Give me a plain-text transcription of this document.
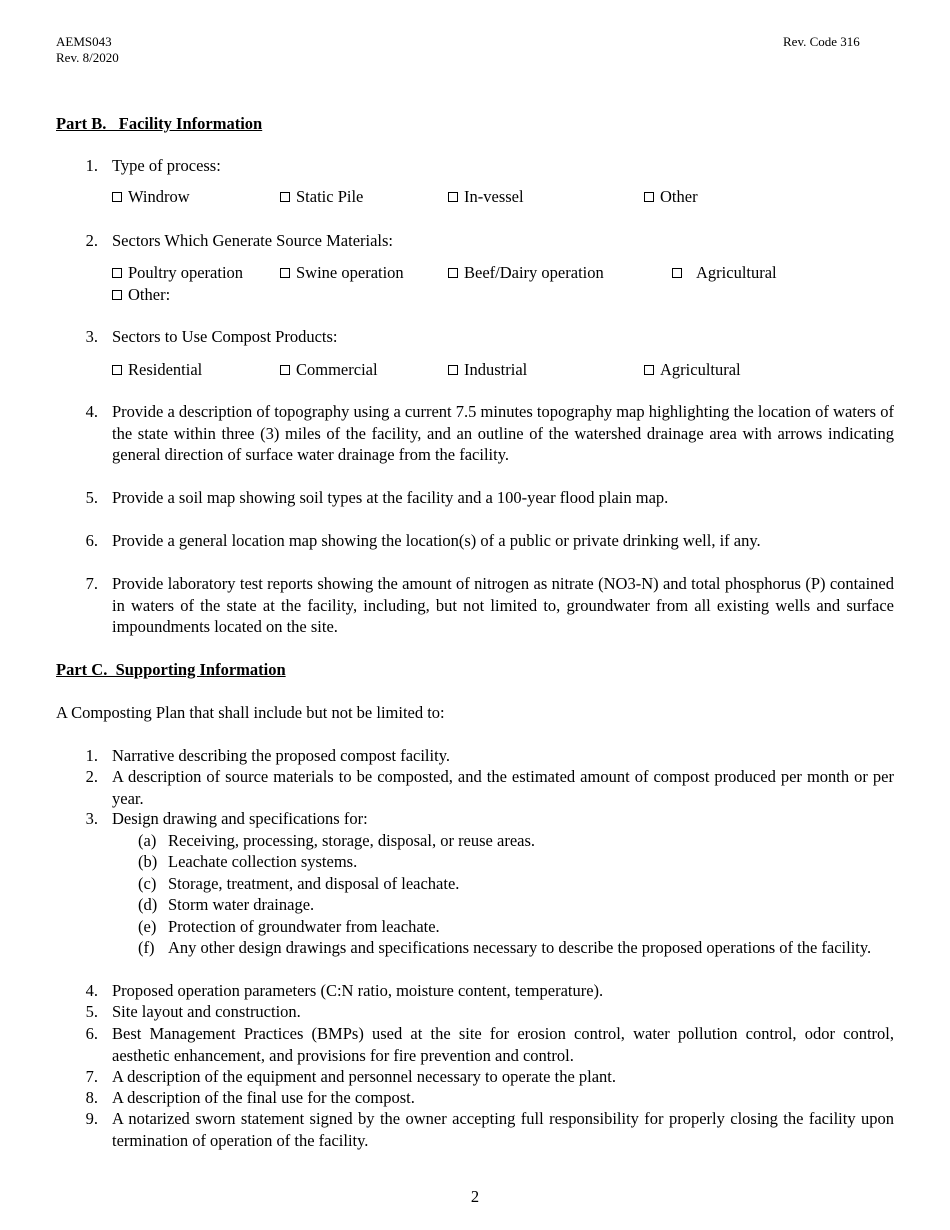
AEMS043
Rev. 8/2020
Rev. Code 316
Part B.   Facility Information
1. Type of process:
Windrow	Static Pile	In-vessel	Other
2. Sectors Which Generate Source Materials:
Poultry operation	Swine operation	Beef/Dairy operation	Agricultural
Other:
3. Sectors to Use Compost Products:
Residential	Commercial	Industrial	Agricultural
4. Provide a description of topography using a current 7.5 minutes topography map highlighting the location of waters of the state within three (3) miles of the facility, and an outline of the watershed drainage area with arrows indicating general direction of surface water drainage from the facility.
5. Provide a soil map showing soil types at the facility and a 100-year flood plain map.
6. Provide a general location map showing the location(s) of a public or private drinking well, if any.
7. Provide laboratory test reports showing the amount of nitrogen as nitrate (NO3-N) and total phosphorus (P) contained in waters of the state at the facility, including, but not limited to, groundwater from all existing wells and surface impoundments located on the site.
Part C.  Supporting Information
A Composting Plan that shall include but not be limited to:
1. Narrative describing the proposed compost facility.
2. A description of source materials to be composted, and the estimated amount of compost produced per month or per year.
3. Design drawing and specifications for:
(a) Receiving, processing, storage, disposal, or reuse areas.
(b) Leachate collection systems.
(c) Storage, treatment, and disposal of leachate.
(d) Storm water drainage.
(e) Protection of groundwater from leachate.
(f) Any other design drawings and specifications necessary to describe the proposed operations of the facility.
4. Proposed operation parameters (C:N ratio, moisture content, temperature).
5. Site layout and construction.
6. Best Management Practices (BMPs) used at the site for erosion control, water pollution control, odor control, aesthetic enhancement, and provisions for fire prevention and control.
7. A description of the equipment and personnel necessary to operate the plant.
8. A description of the final use for the compost.
9. A notarized sworn statement signed by the owner accepting full responsibility for properly closing the facility upon termination of operation of the facility.
2
